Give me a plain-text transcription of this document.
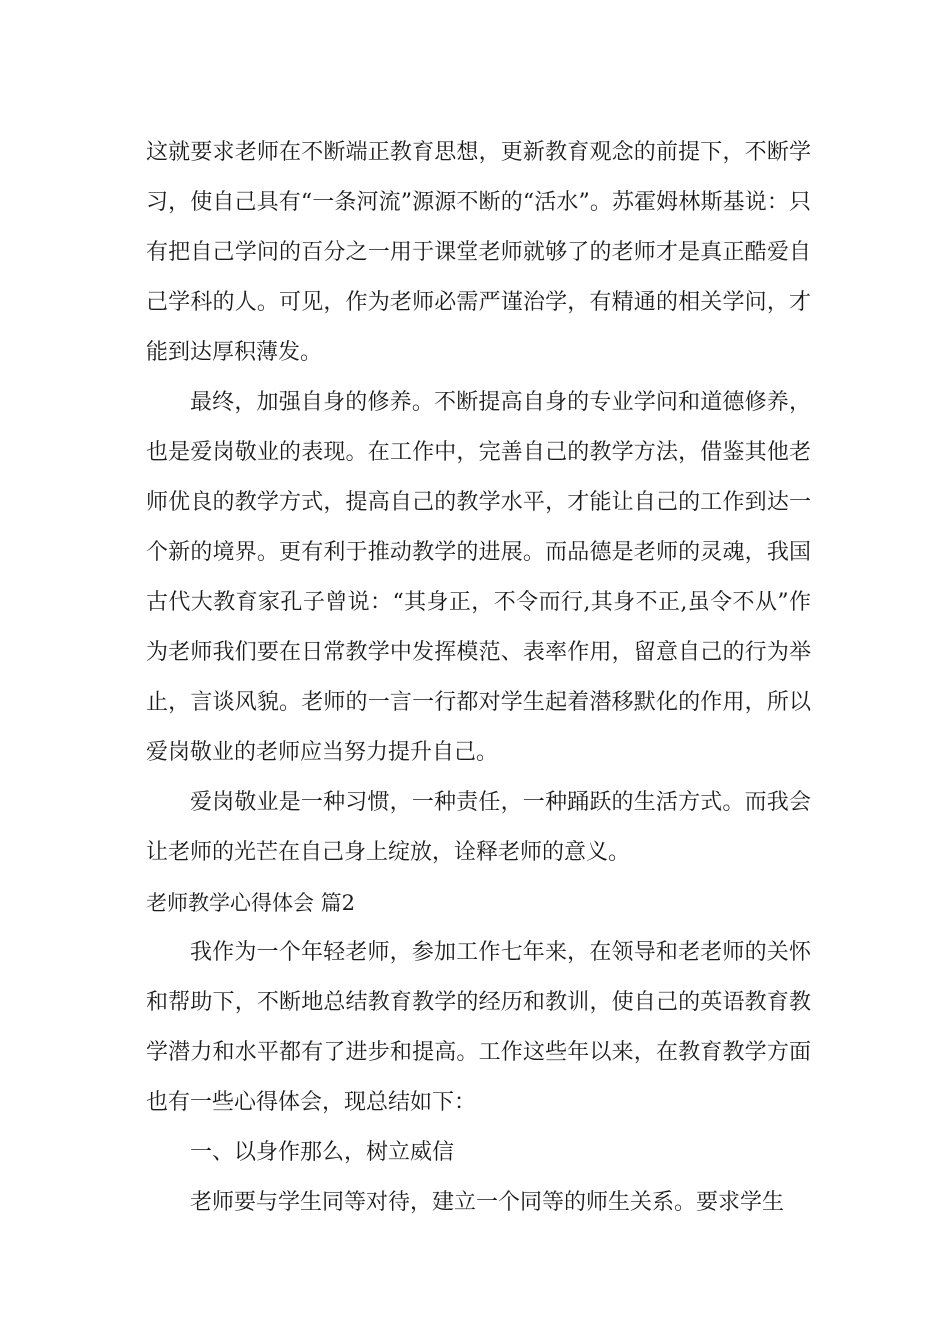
这就要求老师在不断端正教育思想，更新教育观念的前提下，不断学习，使自己具有“一条河流”源源不断的“活水”。苏霍姆林斯基说：只有把自己学问的百分之一用于课堂老师就够了的老师才是真正酷爱自己学科的人。可见，作为老师必需严谨治学，有精通的相关学问，才能到达厚积薄发。

最终，加强自身的修养。不断提高自身的专业学问和道德修养，也是爱岗敬业的表现。在工作中，完善自己的教学方法，借鉴其他老师优良的教学方式，提高自己的教学水平，才能让自己的工作到达一个新的境界。更有利于推动教学的进展。而品德是老师的灵魂，我国古代大教育家孔子曾说：“其身正，不令而行,其身不正,虽令不从”作为老师我们要在日常教学中发挥模范、表率作用，留意自己的行为举止，言谈风貌。老师的一言一行都对学生起着潜移默化的作用，所以爱岗敬业的老师应当努力提升自己。

爱岗敬业是一种习惯，一种责任，一种踊跃的生活方式。而我会让老师的光芒在自己身上绽放，诠释老师的意义。

老师教学心得体会 篇2

我作为一个年轻老师，参加工作七年来，在领导和老老师的关怀和帮助下，不断地总结教育教学的经历和教训，使自己的英语教育教学潜力和水平都有了进步和提高。工作这些年以来，在教育教学方面也有一些心得体会，现总结如下：

一、以身作那么，树立威信

老师要与学生同等对待，建立一个同等的师生关系。要求学生
